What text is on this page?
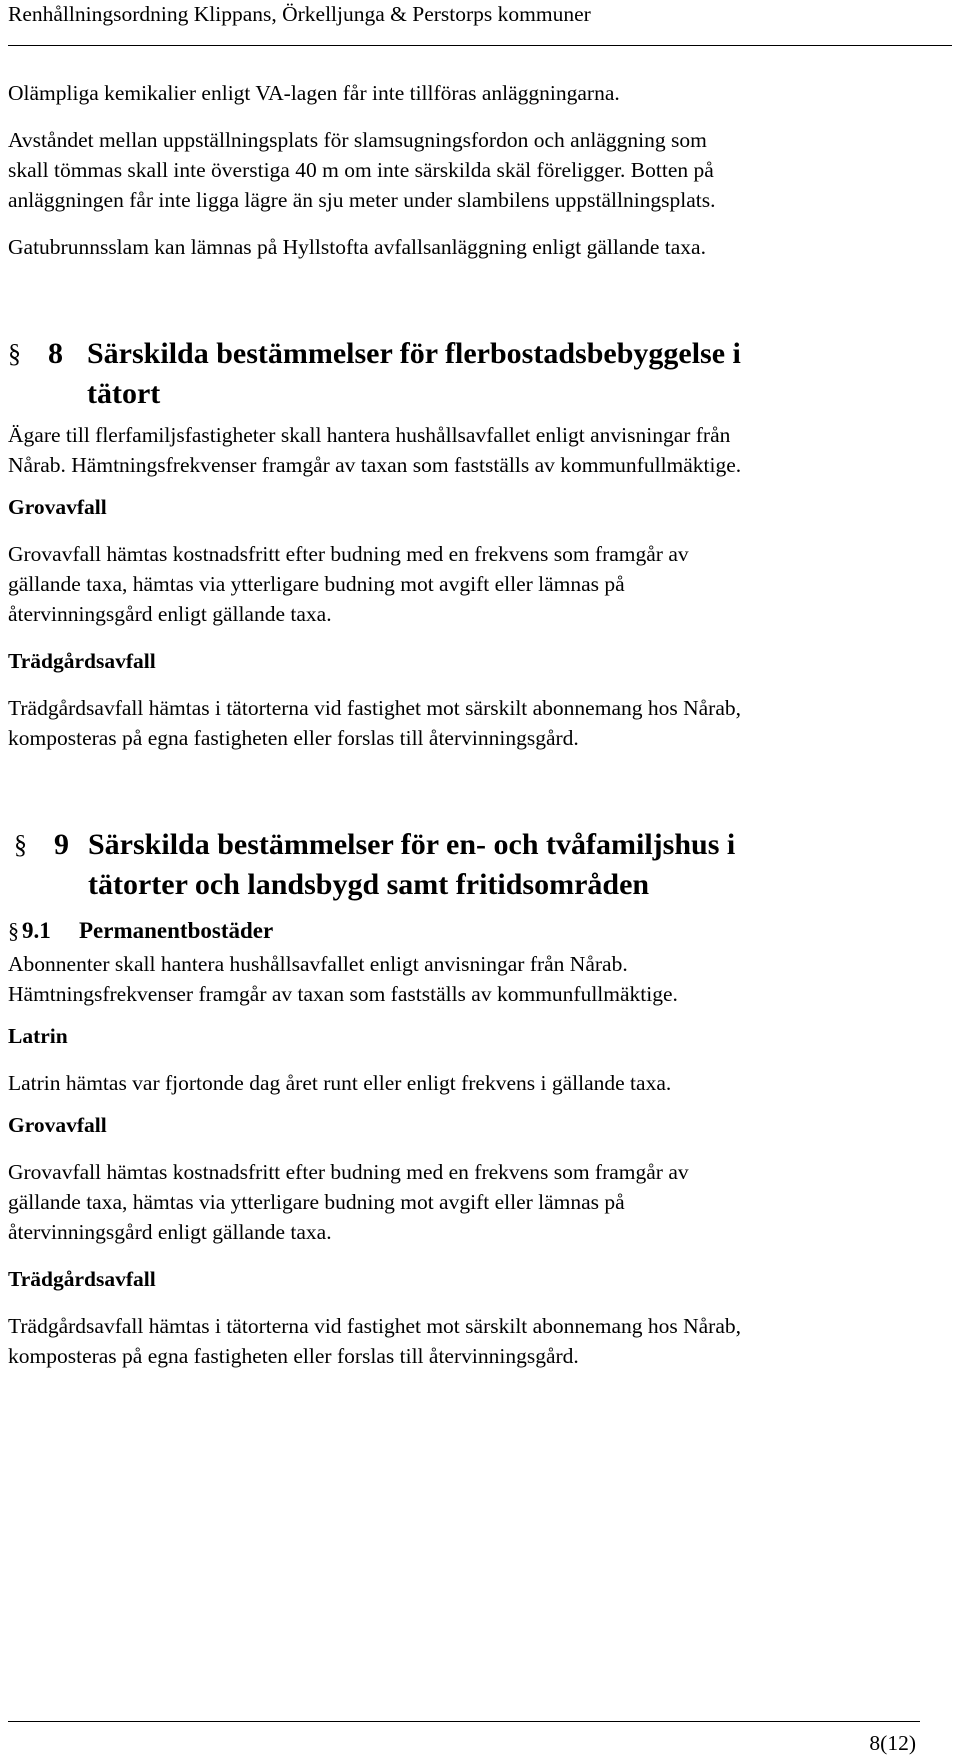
Renhållningsordning Klippans, Örkelljunga & Perstorps kommuner

Olämpliga kemikalier enligt VA-lagen får inte tillföras anläggningarna.

Avståndet mellan uppställningsplats för slamsugningsfordon och anläggning som

skall tömmas skall inte överstiga 40 m om inte särskilda skäl föreligger. Botten på

anläggningen får inte ligga lägre än sju meter under slambilens uppställningsplats.

Gatubrunnsslam kan lämnas på Hyllstofta avfallsanläggning enligt gällande taxa.

§ 8 Särskilda bestämmelser för flerbostadsbebyggelse i
tätort

Ägare till flerfamiljsfastigheter skall hantera hushållsavfallet enligt anvisningar från

Nårab. Hämtningsfrekvenser framgår av taxan som fastställs av kommunfullmäktige.

Grovavfall

Grovavfall hämtas kostnadsfritt efter budning med en frekvens som framgår av

gällande taxa, hämtas via ytterligare budning mot avgift eller lämnas på

återvinningsgård enligt gällande taxa.

Trädgårdsavfall

Trädgårdsavfall hämtas i tätorterna vid fastighet mot särskilt abonnemang hos Nårab,

komposteras på egna fastigheten eller forslas till återvinningsgård.

§ 9 Särskilda bestämmelser för en- och tvåfamiljshus i
tätorter och landsbygd samt fritidsområden
§ 9.1 Permanentbostäder

Abonnenter skall hantera hushållsavfallet enligt anvisningar från Nårab.

Hämtningsfrekvenser framgår av taxan som fastställs av kommunfullmäktige.

Latrin

Latrin hämtas var fjortonde dag året runt eller enligt frekvens i gällande taxa.

Grovavfall

Grovavfall hämtas kostnadsfritt efter budning med en frekvens som framgår av

gällande taxa, hämtas via ytterligare budning mot avgift eller lämnas på

återvinningsgård enligt gällande taxa.

Trädgårdsavfall

Trädgårdsavfall hämtas i tätorterna vid fastighet mot särskilt abonnemang hos Nårab,

komposteras på egna fastigheten eller forslas till återvinningsgård.

8(12)
